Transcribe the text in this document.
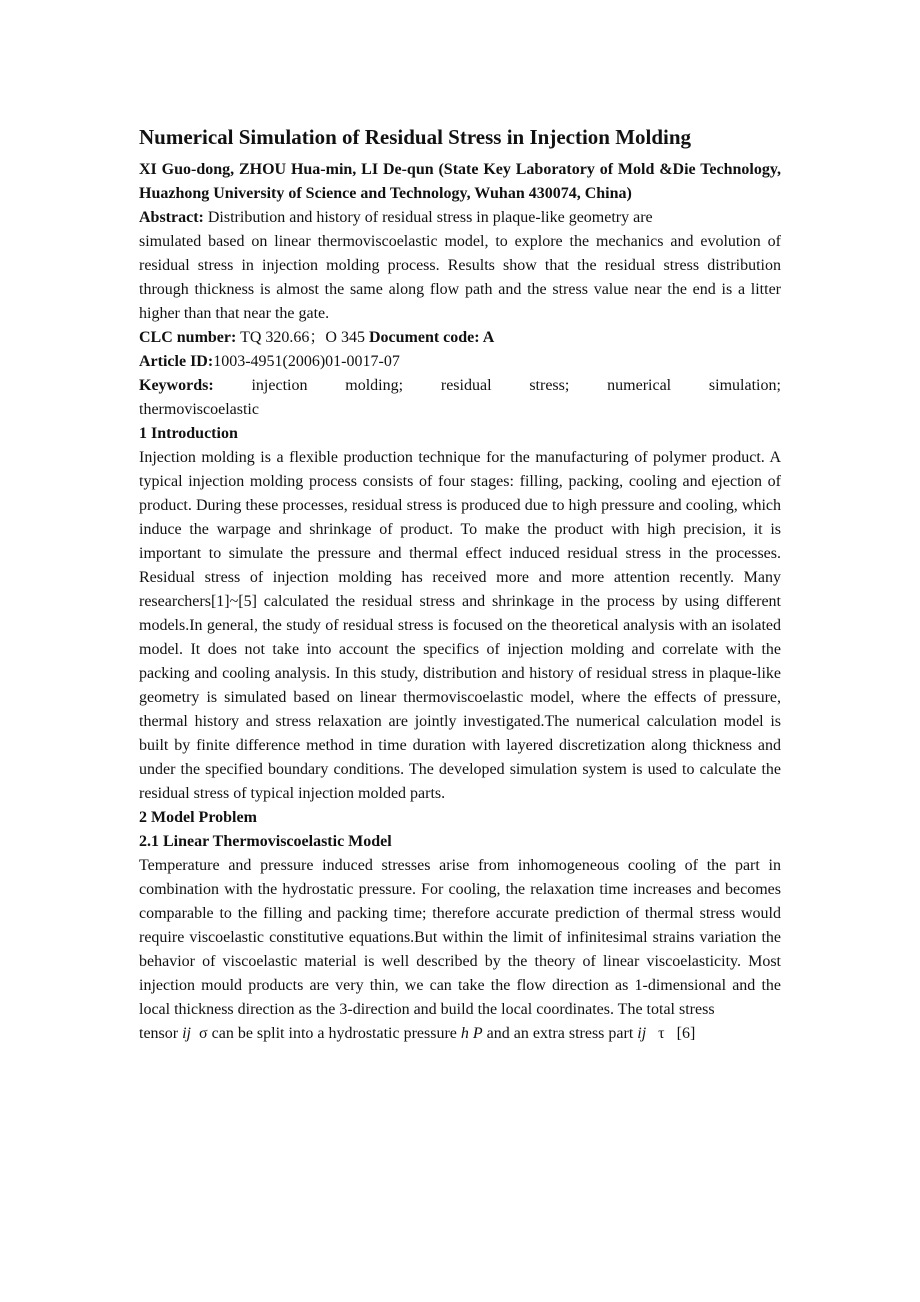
Numerical Simulation of Residual Stress in Injection Molding

XI Guo-dong, ZHOU Hua-min, LI De-qun (State Key Laboratory of Mold &Die Technology, Huazhong University of Science and Technology, Wuhan 430074, China)

Abstract: Distribution and history of residual stress in plaque-like geometry are

simulated based on linear thermoviscoelastic model, to explore the mechanics and evolution of residual stress in injection molding process. Results show that the residual stress distribution through thickness is almost the same along flow path and the stress value near the end is a litter higher than that near the gate.

CLC number: TQ 320.66；O 345 Document code: A

Article ID:1003-4951(2006)01-0017-07

Keywords: injection molding; residual stress; numerical simulation;

thermoviscoelastic

1 Introduction

Injection molding is a flexible production technique for the manufacturing of polymer product. A typical injection molding process consists of four stages: filling, packing, cooling and ejection of product. During these processes, residual stress is produced due to high pressure and cooling, which induce the warpage and shrinkage of product. To make the product with high precision, it is important to simulate the pressure and thermal effect induced residual stress in the processes. Residual stress of injection molding has received more and more attention recently. Many researchers[1]~[5] calculated the residual stress and shrinkage in the process by using different models.In general, the study of residual stress is focused on the theoretical analysis with an isolated model. It does not take into account the specifics of injection molding and correlate with the packing and cooling analysis. In this study, distribution and history of residual stress in plaque-like geometry is simulated based on linear thermoviscoelastic model, where the effects of pressure, thermal history and stress relaxation are jointly investigated.The numerical calculation model is built by finite difference method in time duration with layered discretization along thickness and under the specified boundary conditions. The developed simulation system is used to calculate the residual stress of typical injection molded parts.

2 Model Problem
2.1 Linear Thermoviscoelastic Model

Temperature and pressure induced stresses arise from inhomogeneous cooling of the part in combination with the hydrostatic pressure. For cooling, the relaxation time increases and becomes comparable to the filling and packing time; therefore accurate prediction of thermal stress would require viscoelastic constitutive equations.But within the limit of infinitesimal strains variation the behavior of viscoelastic material is well described by the theory of linear viscoelasticity. Most injection mould products are very thin, we can take the flow direction as 1-dimensional and the local thickness direction as the 3-direction and build the local coordinates. The total stress

tensor ij σ can be split into a hydrostatic pressure h P and an extra stress part ij τ [6]
